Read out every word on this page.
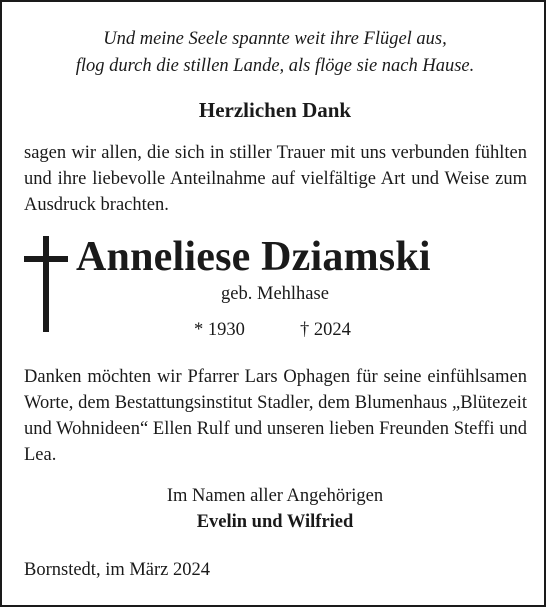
Und meine Seele spannte weit ihre Flügel aus,
flog durch die stillen Lande, als flöge sie nach Hause.
Herzlichen Dank
sagen wir allen, die sich in stiller Trauer mit uns verbunden fühlten und ihre liebevolle Anteilnahme auf vielfältige Art und Weise zum Ausdruck brachten.
Anneliese Dziamski
geb. Mehlhase
* 1930	† 2024
Danken möchten wir Pfarrer Lars Ophagen für seine einfühlsamen Worte, dem Bestattungsinstitut Stadler, dem Blumenhaus „Blütezeit und Wohnideen“ Ellen Rulf und unseren lieben Freunden Steffi und Lea.
Im Namen aller Angehörigen
Evelin und Wilfried
Bornstedt, im März 2024
